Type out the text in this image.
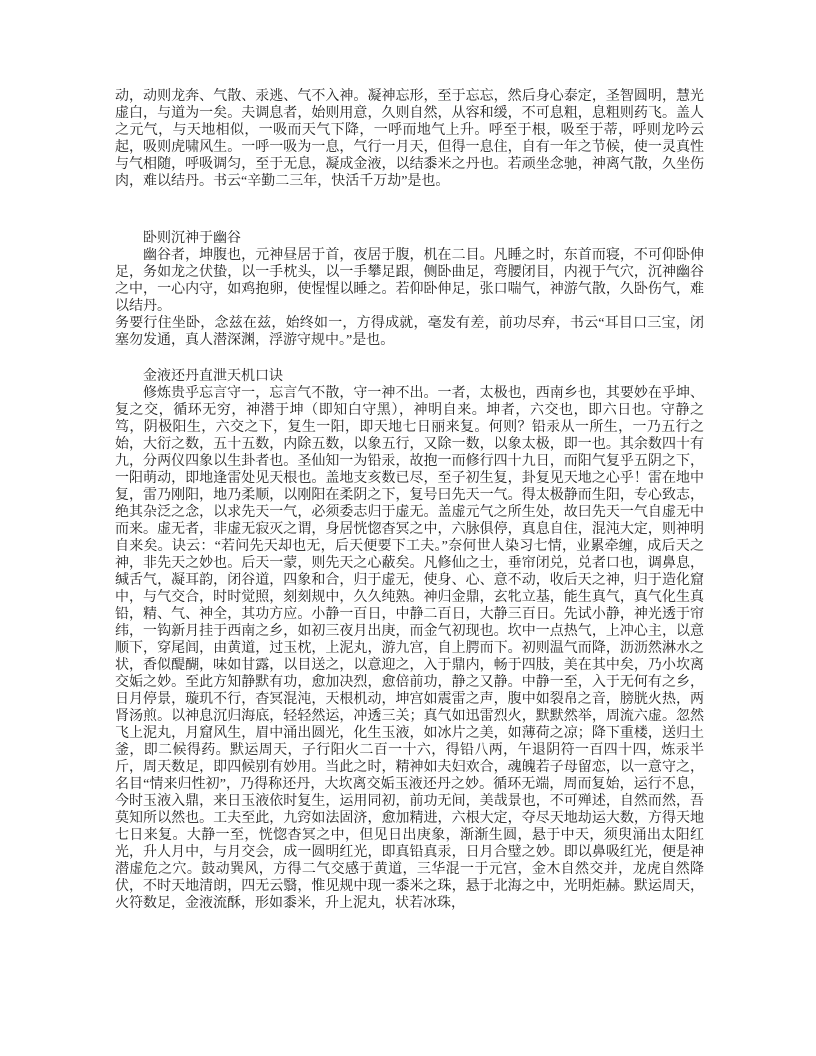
动，动则龙奔、气散、汞逃、气不入神。凝神忘形，至于忘忘，然后身心泰定，圣智圆明，慧光虚白，与道为一矣。夫调息者，始则用意，久则自然，从容和缓，不可息粗，息粗则药飞。盖人之元气，与天地相似，一吸而天气下降，一呼而地气上升。呼至于根，吸至于蒂，呼则龙吟云起，吸则虎啸风生。一呼一吸为一息，气行一月天，但得一息住，自有一年之节候，使一灵真性与气相随，呼吸调匀，至于无息，凝成金液，以结黍米之丹也。若顽坐念驰，神离气散，久坐伤肉，难以结丹。书云“辛勤二三年，快活千万劫”是也。

卧则沉神于幽谷

幽谷者，坤腹也，元神昼居于首，夜居于腹，机在二目。凡睡之时，东首而寝，不可仰卧伸足，务如龙之伏蛰，以一手枕头，以一手攀足跟，侧卧曲足，弯腰闭目，内视于气穴，沉神幽谷之中，一心内守，如鸡抱卵，使惺惺以睡之。若仰卧伸足，张口喘气，神游气散，久卧伤气，难以结丹。

务要行住坐卧，念兹在兹，始终如一，方得成就，毫发有差，前功尽弃，书云“耳目口三宝，闭塞勿发通，真人潜深渊，浮游守规中。”是也。

金液还丹直泄天机口诀

修炼贵乎忘言守一，忘言气不散，守一神不出。一者，太极也，西南乡也，其要妙在乎坤、复之交，循环无穷，神潜于坤（即知白守黑），神明自来。坤者，六交也，即六日也。守静之笃，阴极阳生，六交之下，复生一阳，即天地七日丽来复。何则？铅汞从一所生，一乃五行之始，大衍之数，五十五数，内除五数，以象五行，又除一数，以象太极，即一也。其余数四十有九，分两仪四象以生卦者也。圣仙知一为铅汞，故抱一而修行四十九日，而阳气复乎五阴之下，一阳萌动，即地逢雷处见天根也。盖地支亥数已尽，至子初生复，卦复见天地之心乎！雷在地中复，雷乃刚阳，地乃柔顺，以刚阳在柔阴之下，复号曰先天一气。得太极静而生阳，专心致志，绝其杂泛之念，以求先天一气，必须委志归于虚无。盖虚元气之所生处，故曰先天一气自虚无中而来。虚无者，非虚无寂灭之谓，身居恍惚杳冥之中，六脉俱停，真息自住，混沌大定，则神明自来矣。诀云：“若问先天却也无，后天便要下工夫。”奈何世人染习七情，业累牵缠，成后天之神，非先天之妙也。后天一蒙，则先天之心蔽矣。凡修仙之士，垂帘闭兑，兑者口也，调鼻息，缄舌气，凝耳韵，闭谷道，四象和合，归于虚无，使身、心、意不动，收后天之神，归于造化窟中，与气交合，时时觉照，刻刻规中，久久纯熟。神归金鼎，玄牝立基，能生真气，真气化生真铅，精、气、神全，其功方应。小静一百日，中静二百日，大静三百日。先试小静，神光透于帘纬，一钩新月挂于西南之乡，如初三夜月出庚，而金气初现也。坎中一点热气，上冲心主，以意顺下，穿尾闾，由黄道，过玉枕，上泥丸，游九宫，自上腭而下。初则温气而降，沥沥然淋水之状，香似醍醐，味如甘露，以目送之，以意迎之，入于鼎内，畅于四肢，美在其中矣，乃小坎离交姤之妙。至此方知静默有功，愈加决烈，愈倍前功，静之又静。中静一至，入于无何有之乡，日月停景，璇玑不行，杳冥混沌，天根机动，坤宫如震雷之声，腹中如裂帛之音，膀胱火热，两肾汤煎。以神息沉归海底，轻轻然运，冲透三关；真气如迅雷烈火，默默然举，周流六虚。忽然飞上泥丸，月窟风生，眉中涌出圆光，化生玉液，如冰片之美，如薄荷之凉；降下重楼，送归土釜，即二候得药。默运周天，子行阳火二百一十六，得铅八两，午退阴符一百四十四，炼汞半斤，周天数足，即四候别有妙用。当此之时，精神如夫妇欢合，魂魄若子母留恋，以一意守之，名目“情来归性初”，乃得称还丹，大坎离交姤玉液还丹之妙。循环无端，周而复始，运行不息，今时玉液入鼎，来日玉液依时复生，运用同初，前功无间，美哉景也，不可殚述，自然而然，吾莫知所以然也。工夫至此，九窍如法固济，愈加精进，六根大定，夺尽天地劫运大数，方得天地七日来复。大静一至，恍惚杳冥之中，但见日出庚象，渐渐生圆，悬于中天，须臾涌出太阳红光，升人月中，与月交会，成一圆明红光，即真铅真汞，日月合璧之妙。即以鼻吸红光，便是神潜虚危之穴。鼓动巽风，方得二气交感于黄道，三华混一于元宫，金木自然交并，龙虎自然降伏，不时天地清朗，四无云翳，惟见规中现一黍米之珠，悬于北海之中，光明炬赫。默运周天，火符数足，金液流酥，形如黍米，升上泥丸，状若冰珠，
